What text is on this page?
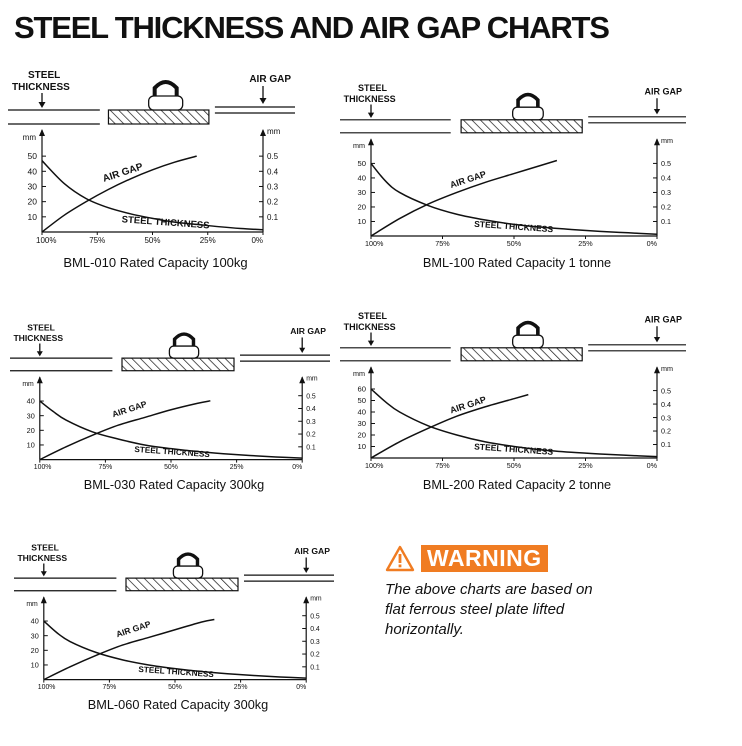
STEEL THICKNESS AND AIR GAP CHARTS
STEEL
THICKNESS
AIR GAP
mm
mm
10
20
30
40
50
0.1
0.2
0.3
0.4
0.5
100%	75%	50%	25%	0%
AIR GAP
STEEL THICKNESS
BML-010 Rated Capacity 100kg
STEEL
THICKNESS
AIR GAP
mm
mm
10
20
30
40
50
0.1
0.2
0.3
0.4
0.5
100%	75%	50%	25%	0%
AIR GAP
STEEL THICKNESS
BML-100 Rated Capacity 1 tonne
STEEL
THICKNESS
AIR GAP
mm
mm
10
20
30
40
0.1
0.2
0.3
0.4
0.5
100%	75%	50%	25%	0%
AIR GAP
STEEL THICKNESS
BML-030 Rated Capacity 300kg
STEEL
THICKNESS
AIR GAP
mm
mm
10
20
30
40
50
60
0.1
0.2
0.3
0.4
0.5
100%	75%	50%	25%	0%
AIR GAP
STEEL THICKNESS
BML-200 Rated Capacity 2 tonne
STEEL
THICKNESS
AIR GAP
mm
mm
10
20
30
40
0.1
0.2
0.3
0.4
0.5
100%	75%	50%	25%	0%
AIR GAP
STEEL THICKNESS
BML-060 Rated Capacity 300kg
WARNING

The above charts are based on flat ferrous steel plate lifted horizontally.
